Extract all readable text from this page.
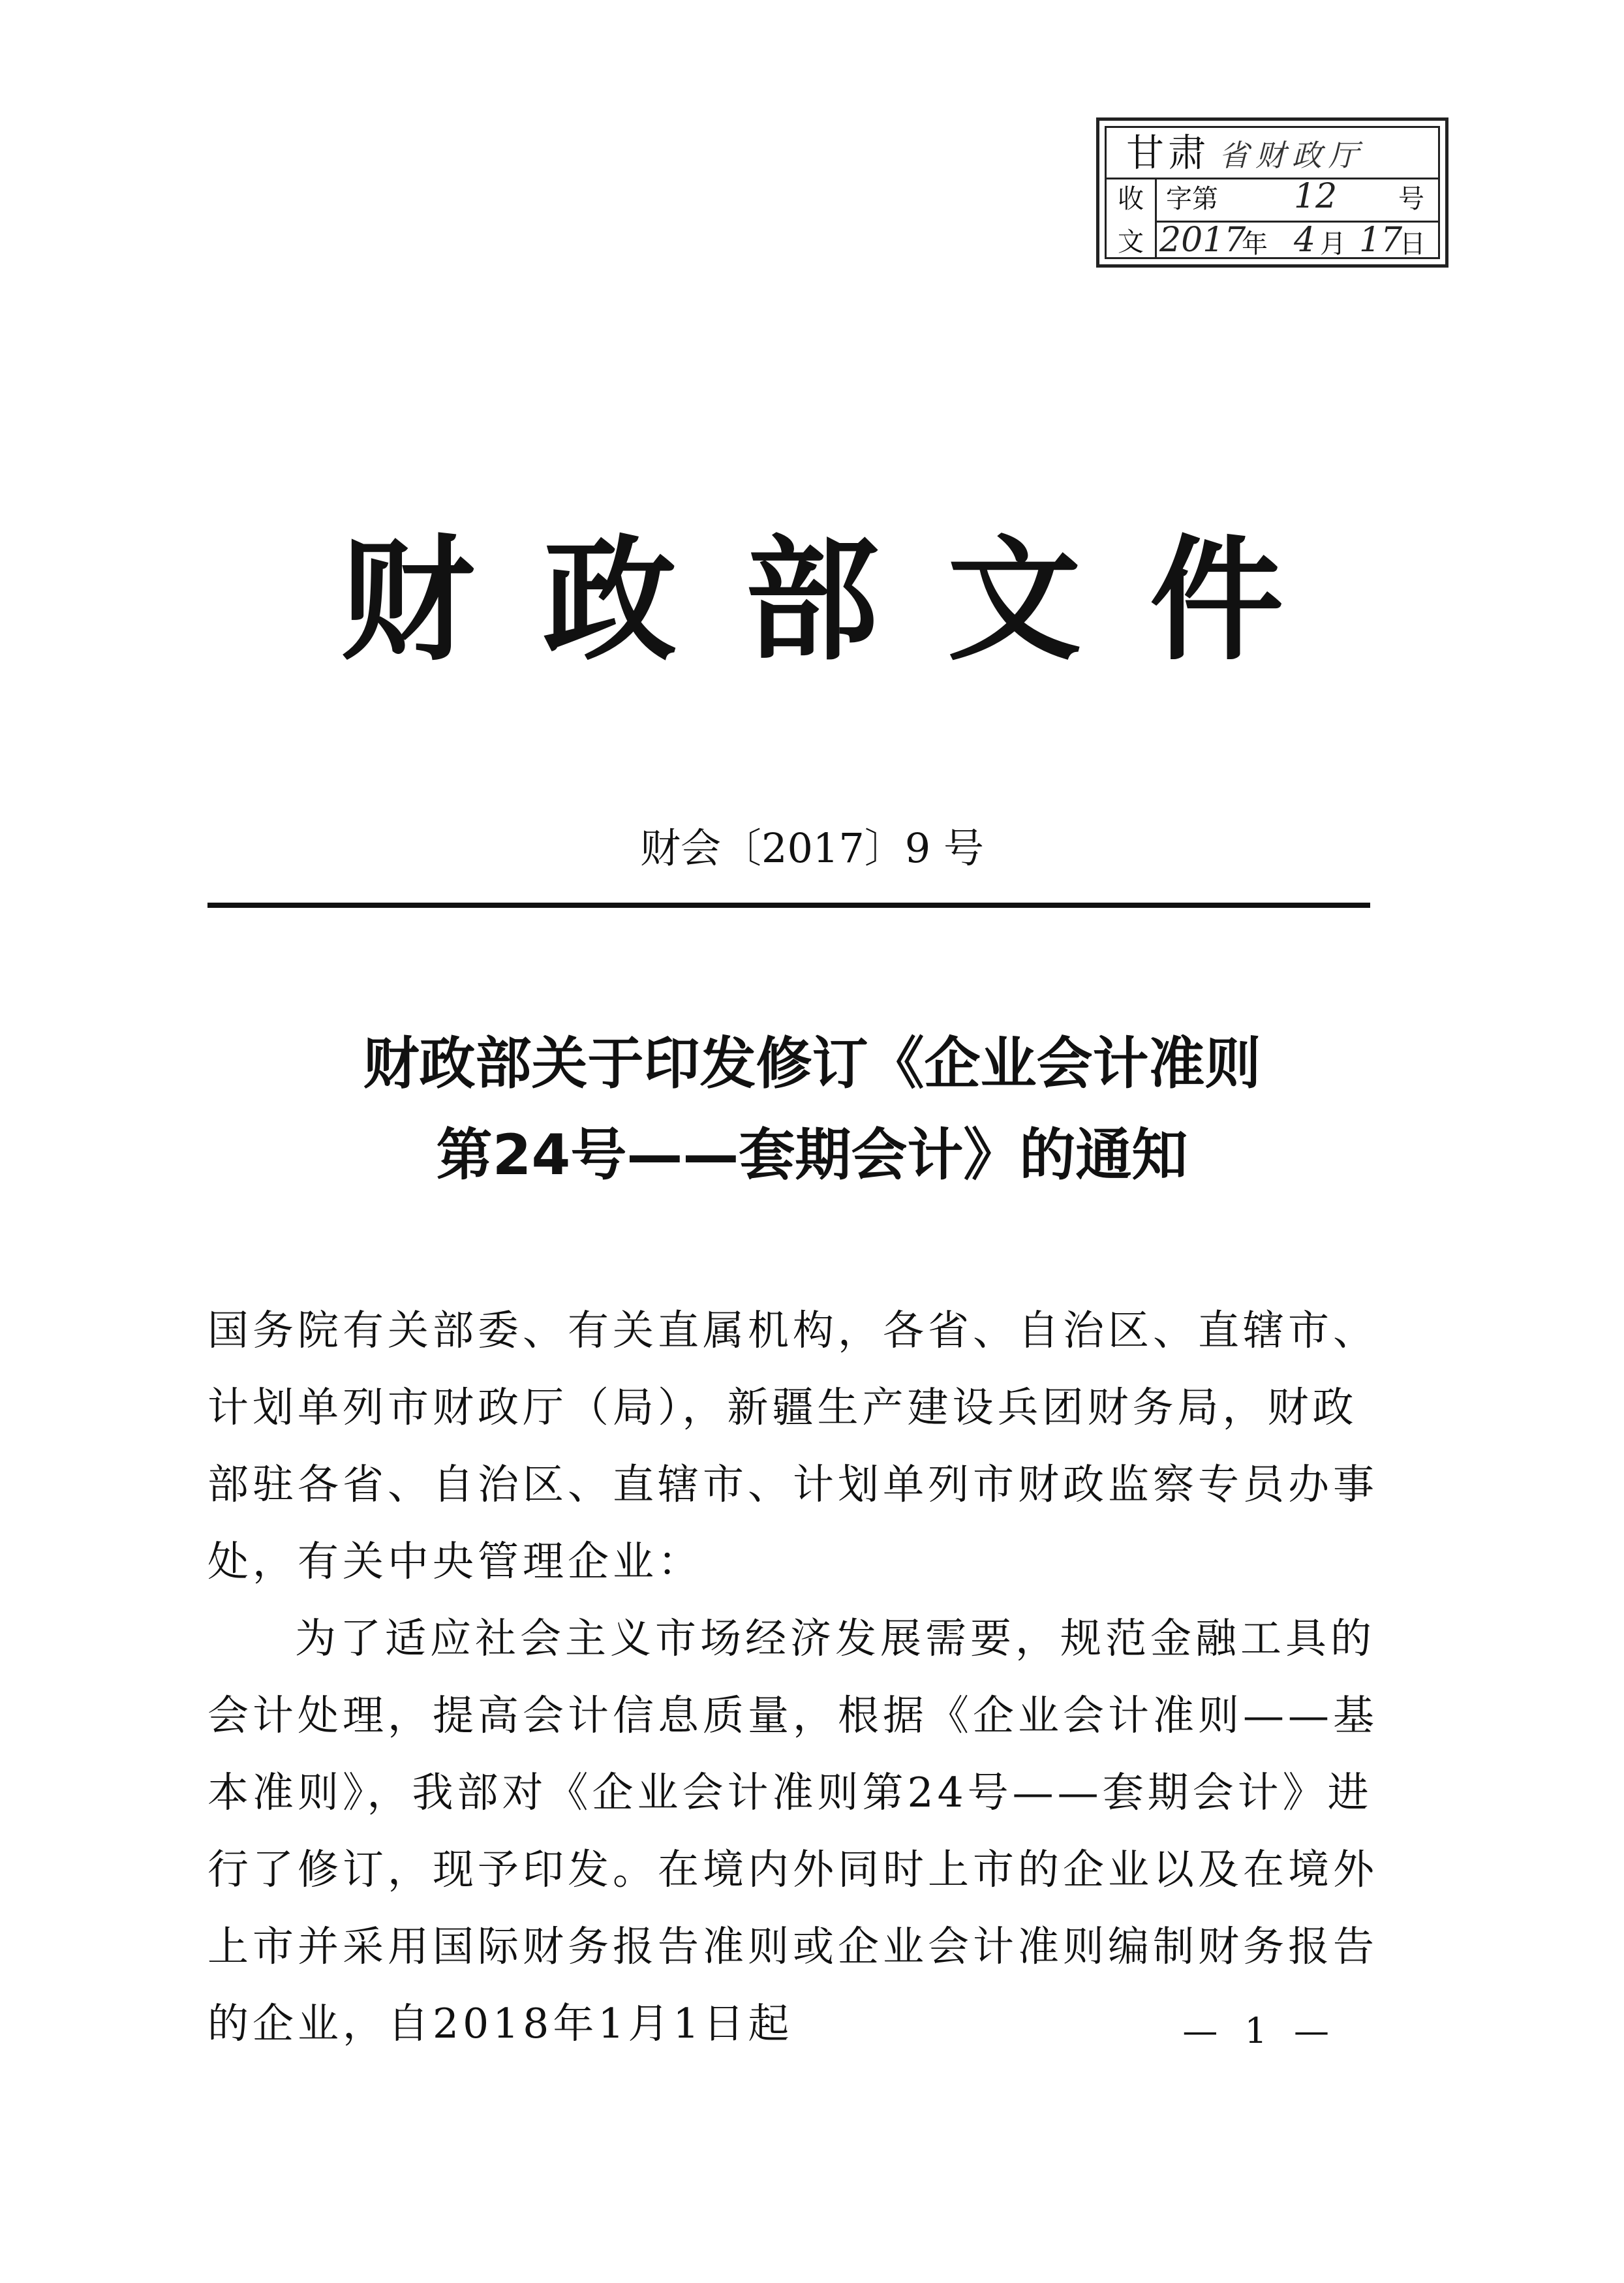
甘肃 省财政厅
收
文
字第 12 号
2017
年 4 月 17
日
财政部文件
财会〔2017〕9 号
财政部关于印发修订《企业会计准则
第24号——套期会计》的通知

国务院有关部委、有关直属机构，各省、自治区、直辖市、计划单列市财政厅（局），新疆生产建设兵团财务局，财政部驻各省、自治区、直辖市、计划单列市财政监察专员办事处，有关中央管理企业：

为了适应社会主义市场经济发展需要，规范金融工具的会计处理，提高会计信息质量，根据《企业会计准则——基本准则》，我部对《企业会计准则第24号——套期会计》进行了修订，现予印发。在境内外同时上市的企业以及在境外上市并采用国际财务报告准则或企业会计准则编制财务报告的企业，自2018年1月1日起	— 1 —
